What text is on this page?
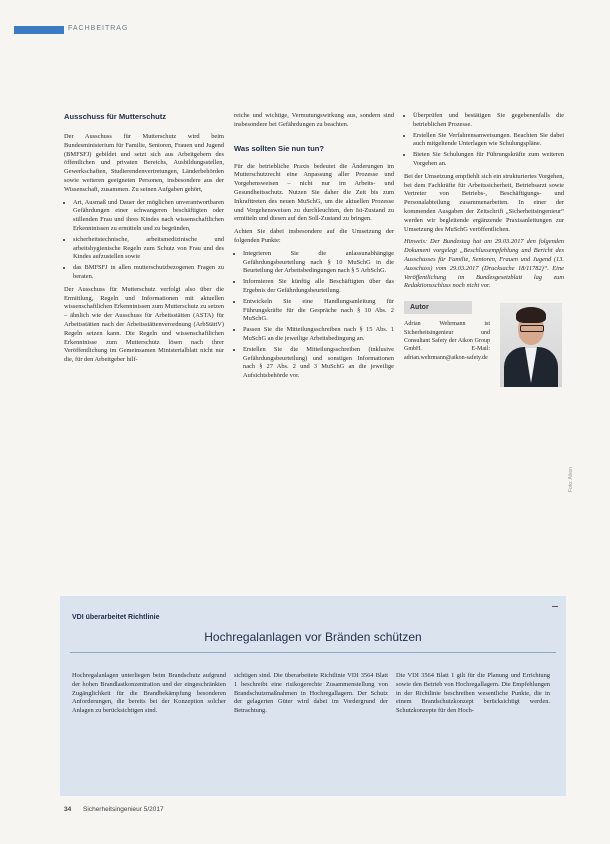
FACHBEITRAG
Ausschuss für Mutterschutz

Der Ausschuss für Mutterschutz wird beim Bundesministerium für Familie, Senioren, Frauen und Jugend (BMFSFJ) gebildet und setzt sich aus Arbeitgebern des öffentlichen und privaten Bereichs, Ausbildungsstellen, Gewerkschaften, Studierendenvertretungen, Länderbehörden sowie weiteren geeigneten Personen, insbesondere aus der Wissenschaft, zusammen. Zu seinen Aufgaben gehört,

• Art, Ausmaß und Dauer der möglichen unverantwortbaren Gefährdungen einer schwangeren beschäftigten oder stillenden Frau und ihres Kindes nach wissenschaftlichen Erkenntnissen zu ermitteln und zu begründen,
• sicherheitstechnische, arbeitsmedizinische und arbeitshygienische Regeln zum Schutz von Frau und des Kindes aufzustellen sowie
• das BMFSFJ in allen mutterschutzbezogenen Fragen zu beraten.

Der Ausschuss für Mutterschutz verfolgt also über die Ermittlung, Regeln und Informationen mit aktuellen wissenschaftlichen Erkenntnissen zum Mutterschutz zu setzen – ähnlich wie der Ausschuss für Arbeitsstätten (ASTA) für Arbeitsstätten nach der Arbeitsstättenverordnung (ArbStättV) Regeln setzen kann. Die Regeln und wissenschaftlichen Erkenntnisse zum Mutterschutz lösen nach ihrer Veröffentlichung im Gemeinsamen Ministerialblatt nicht nur die, für den Arbeitgeber hilf-

reiche und wichtige, Vermutungswirkung aus, sondern sind insbesondere bei Gefährdungen zu beachten.

Was sollten Sie nun tun?

Für die betriebliche Praxis bedeutet die Änderungen im Mutterschutzrecht eine Anpassung aller Prozesse und Vorgehensweisen – nicht nur im Arbeits- und Gesundheitsschutz. Nutzen Sie daher die Zeit bis zum Inkrafttreten des neuen MuSchG, um die aktuellen Prozesse und Vorgehensweisen zu durchleuchten, den Ist-Zustand zu ermitteln und diesen auf den Soll-Zustand zu bringen.

Achten Sie dabei insbesondere auf die Umsetzung der folgenden Punkte:

• Integrieren Sie die anlassunabhängige Gefährdungsbeurteilung nach § 10 MuSchG in die Beurteilung der Arbeitsbedingungen nach § 5 ArbSchG.
• Informieren Sie künftig alle Beschäftigten über das Ergebnis der Gefährdungsbeurteilung.
• Entwickeln Sie eine Handlungsanleitung für Führungskräfte für die Gespräche nach § 10 Abs. 2 MuSchG.
• Passen Sie die Mitteilungsschreiben nach § 15 Abs. 1 MuSchG an die jeweilige Arbeitsbedingung an.
• Erstellen Sie die Mitteilungsschreiben (inklusive Gefährdungsbeurteilung) und sonstigen Informationen nach § 27 Abs. 2 und 3 MuSchG an die jeweilige Aufsichtsbehörde vor.
• Überprüfen und bestätigen Sie gegebenenfalls die betrieblichen Prozesse.
• Erstellen Sie Verfahrensanweisungen. Beachten Sie dabei auch mitgeltende Unterlagen wie Schulungspläne.
• Bieten Sie Schulungen für Führungskräfte zum weiteren Vorgehen an.

Bei der Umsetzung empfiehlt sich ein strukturiertes Vorgehen, bei dem Fachkräfte für Arbeitssicherheit, Betriebsarzt sowie Vertreter von Betriebs-, Beschäftigungs- und Personalabteilung zusammenarbeiten. In einer der kommenden Ausgaben der Zeitschrift „Sicherheitsingenieur“ werden wir begleitende ergänzende Praxisanleitungen zur Umsetzung des MuSchG veröffentlichen.

Hinweis: Der Bundestag hat am 29.03.2017 den folgenden Dokument vorgelegt „Beschlussempfehlung und Bericht des Ausschusses für Familie, Senioren, Frauen und Jugend (13. Ausschuss) vom 29.03.2017 (Drucksache 18/11782)“. Eine Veröffentlichung im Bundesgesetzblatt lag zum Redaktionsschluss noch nicht vor.

Autor
Adrian Wehrmann ist Sicherheitsingenieur und Consultant Safety der Aikon Group GmbH. E-Mail: adrian.wehrmann@aikon-safety.de
Foto: Aikon
VDI überarbeitet Richtlinie
Hochregalanlagen vor Bränden schützen
Hochregalanlagen unterliegen beim Brandschutz aufgrund der hohen Brandlastkonzentration und der eingeschränkten Zugänglichkeit für die Brandbekämpfung besonderen Anforderungen, die bereits bei der Konzeption solcher Anlagen zu berücksichtigen sind.
sichtigen sind. Die überarbeitete Richtlinie VDI 3564 Blatt 1 beschreibt eine risikogerechte Zusammenstellung von Brandschutzmaßnahmen in Hochregallagern. Der Schutz der gelagerten Güter wird dabei im Vordergrund der Betrachtung.
Die VDI 3564 Blatt 1 gilt für die Planung und Errichtung sowie den Betrieb von Hochregallagern. Die Empfehlungen in der Richtlinie beschreiben wesentliche Punkte, die in einem Brandschutzkonzept berücksichtigt werden. Schutzkonzepte für den Hoch-
34 Sicherheitsingenieur 5/2017
